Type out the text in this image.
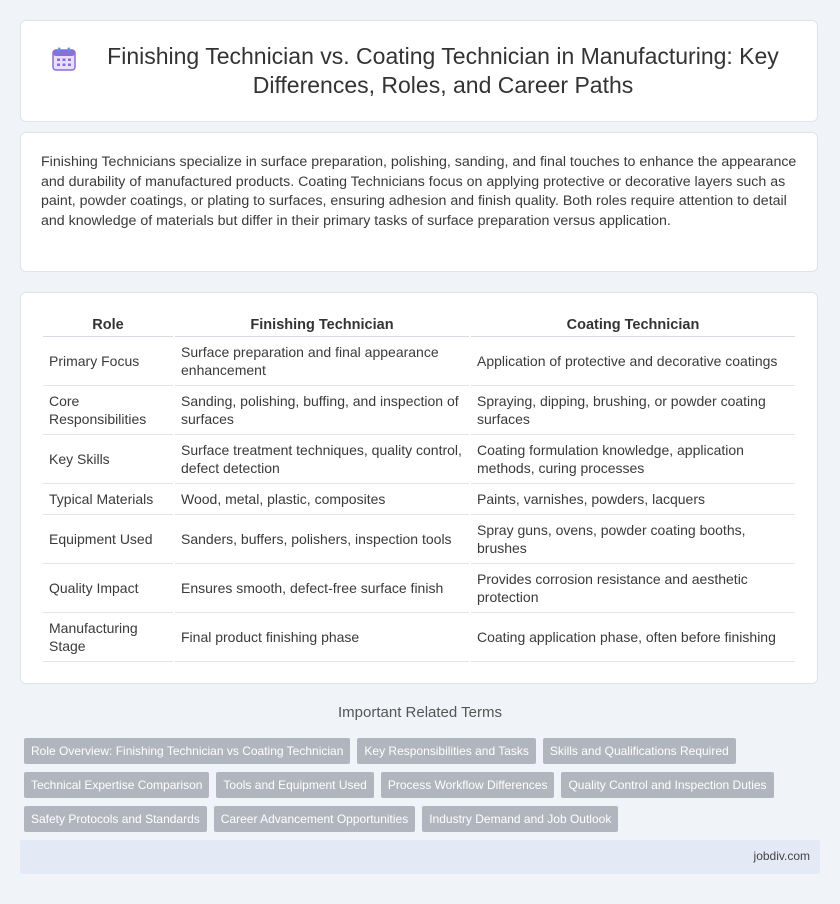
Finishing Technician vs. Coating Technician in Manufacturing: Key Differences, Roles, and Career Paths

Finishing Technicians specialize in surface preparation, polishing, sanding, and final touches to enhance the appearance and durability of manufactured products. Coating Technicians focus on applying protective or decorative layers such as paint, powder coatings, or plating to surfaces, ensuring adhesion and finish quality. Both roles require attention to detail and knowledge of materials but differ in their primary tasks of surface preparation versus application.

Role	Finishing Technician	Coating Technician
Primary Focus	Surface preparation and final appearance enhancement	Application of protective and decorative coatings
Core Responsibilities	Sanding, polishing, buffing, and inspection of surfaces	Spraying, dipping, brushing, or powder coating surfaces
Key Skills	Surface treatment techniques, quality control, defect detection	Coating formulation knowledge, application methods, curing processes
Typical Materials	Wood, metal, plastic, composites	Paints, varnishes, powders, lacquers
Equipment Used	Sanders, buffers, polishers, inspection tools	Spray guns, ovens, powder coating booths, brushes
Quality Impact	Ensures smooth, defect-free surface finish	Provides corrosion resistance and aesthetic protection
Manufacturing Stage	Final product finishing phase	Coating application phase, often before finishing
Important Related Terms
Role Overview: Finishing Technician vs Coating Technician Key Responsibilities and Tasks Skills and Qualifications Required
Technical Expertise Comparison Tools and Equipment Used Process Workflow Differences Quality Control and Inspection Duties
Safety Protocols and Standards Career Advancement Opportunities Industry Demand and Job Outlook
jobdiv.com
